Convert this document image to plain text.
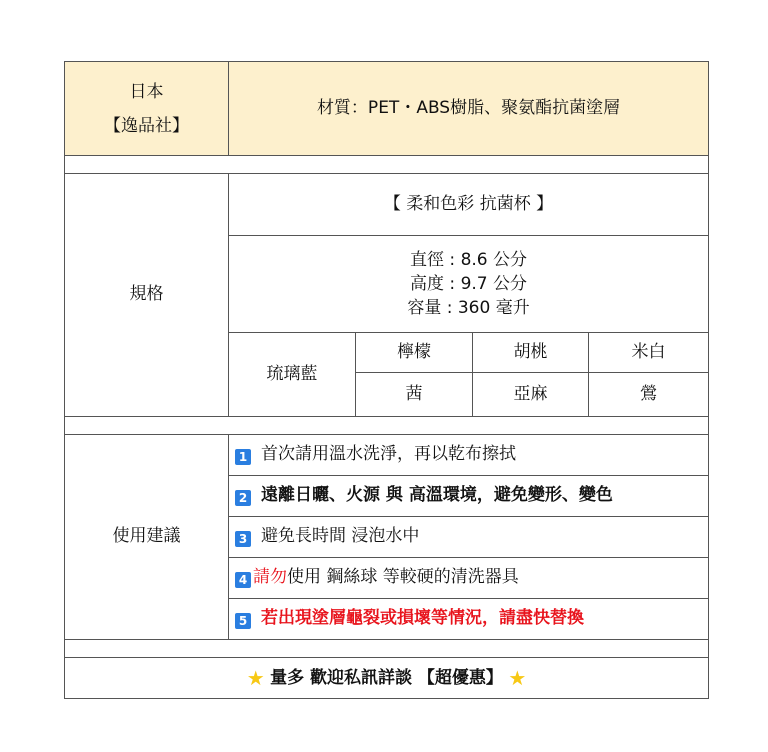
日本
【逸品社】	材質：PET・ABS樹脂、聚氨酯抗菌塗層			

規格	【 柔和色彩 抗菌杯 】			

	直徑 : 8.6 公分
高度 : 9.7 公分
容量 : 360 毫升			

	琉璃藍	檸檬	胡桃	米白
		茜	亞麻	鶯

使用建議	1 首次請用溫水洗淨，再以乾布擦拭			
	2 遠離日曬、火源 與 高溫環境，避免變形、變色			
	3 避免長時間 浸泡水中			
	4 請勿使用 鋼絲球 等較硬的清洗器具			
	5 若出現塗層龜裂或損壞等情況，請盡快替換			

★ 量多 歡迎私訊詳談 【超優惠】 ★				
